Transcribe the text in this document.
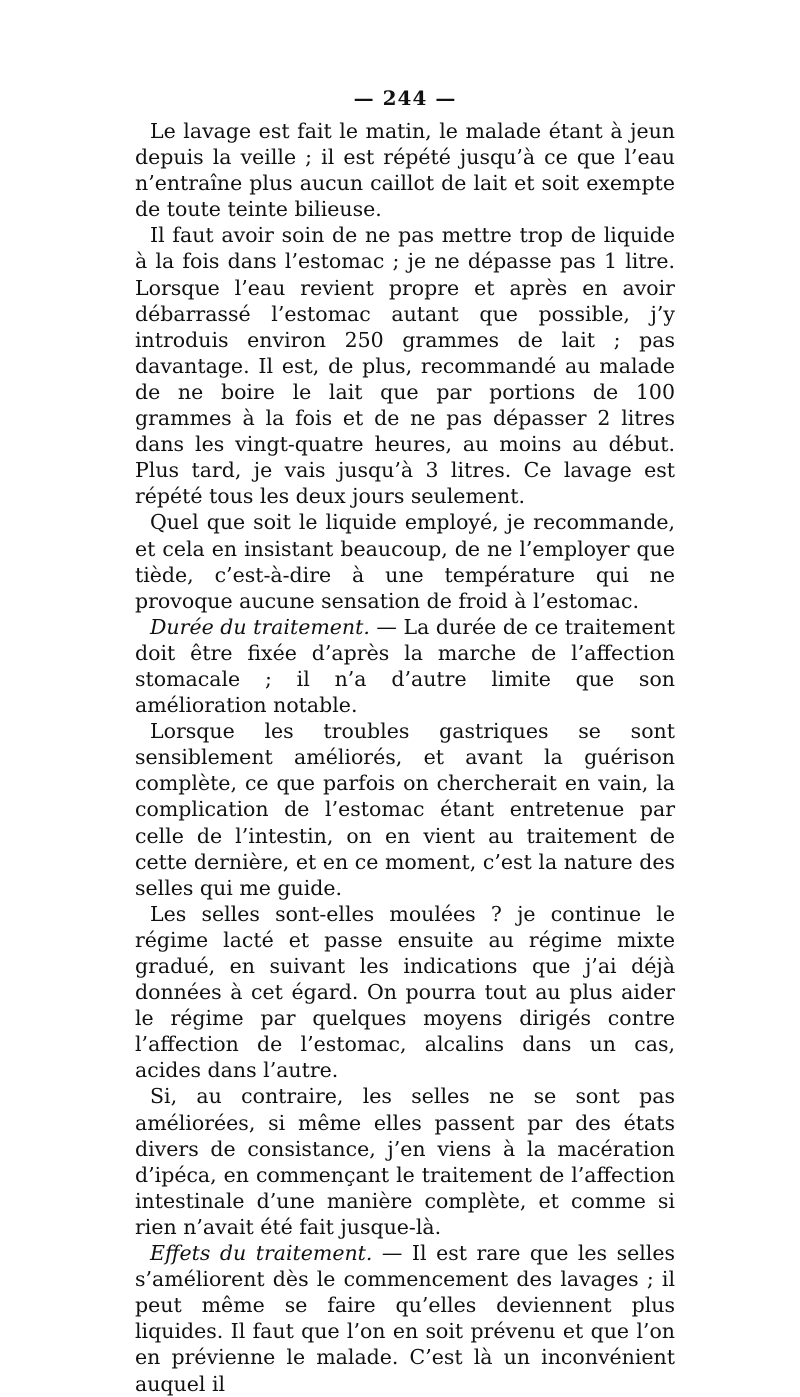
— 244 —

Le lavage est fait le matin, le malade étant à jeun depuis la veille ; il est répété jusqu’à ce que l’eau n’entraîne plus aucun caillot de lait et soit exempte de toute teinte bilieuse.

Il faut avoir soin de ne pas mettre trop de liquide à la fois dans l’estomac ; je ne dépasse pas 1 litre. Lorsque l’eau revient propre et après en avoir débarrassé l’estomac autant que possible, j’y introduis environ 250 grammes de lait ; pas davantage. Il est, de plus, recommandé au malade de ne boire le lait que par portions de 100 grammes à la fois et de ne pas dépasser 2 litres dans les vingt-quatre heures, au moins au début. Plus tard, je vais jusqu’à 3 litres. Ce lavage est répété tous les deux jours seulement.

Quel que soit le liquide employé, je recommande, et cela en insistant beaucoup, de ne l’employer que tiède, c’est-à-dire à une température qui ne provoque aucune sensation de froid à l’estomac.

Durée du traitement. — La durée de ce traitement doit être fixée d’après la marche de l’affection stomacale ; il n’a d’autre limite que son amélioration notable.

Lorsque les troubles gastriques se sont sensiblement améliorés, et avant la guérison complète, ce que parfois on chercherait en vain, la complication de l’estomac étant entretenue par celle de l’intestin, on en vient au traitement de cette dernière, et en ce moment, c’est la nature des selles qui me guide.

Les selles sont-elles moulées ? je continue le régime lacté et passe ensuite au régime mixte gradué, en suivant les indications que j’ai déjà données à cet égard. On pourra tout au plus aider le régime par quelques moyens dirigés contre l’affection de l’estomac, alcalins dans un cas, acides dans l’autre.

Si, au contraire, les selles ne se sont pas améliorées, si même elles passent par des états divers de consistance, j’en viens à la macération d’ipéca, en commençant le traitement de l’affection intestinale d’une manière complète, et comme si rien n’avait été fait jusque-là.

Effets du traitement. — Il est rare que les selles s’améliorent dès le commencement des lavages ; il peut même se faire qu’elles deviennent plus liquides. Il faut que l’on en soit prévenu et que l’on en prévienne le malade. C’est là un inconvénient auquel il
